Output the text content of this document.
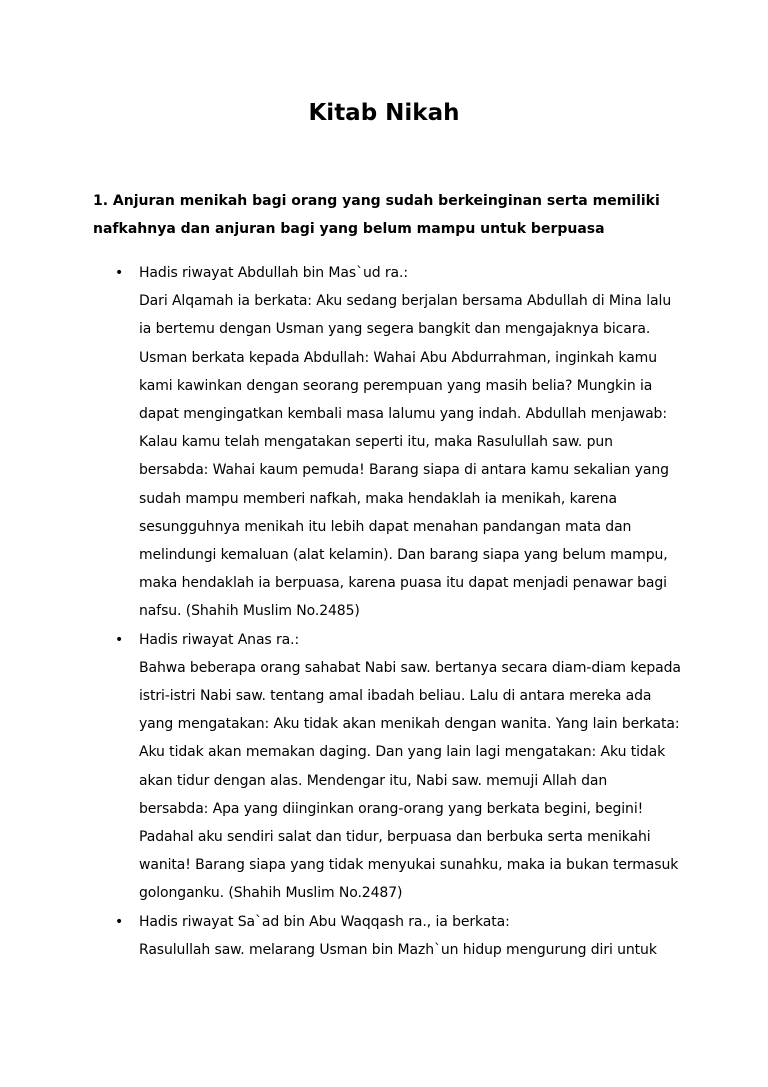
Kitab Nikah

1. Anjuran menikah bagi orang yang sudah berkeinginan serta memiliki
nafkahnya dan anjuran bagi yang belum mampu untuk berpuasa

• Hadis riwayat Abdullah bin Mas`ud ra.:
Dari Alqamah ia berkata: Aku sedang berjalan bersama Abdullah di Mina lalu
ia bertemu dengan Usman yang segera bangkit dan mengajaknya bicara.
Usman berkata kepada Abdullah: Wahai Abu Abdurrahman, inginkah kamu
kami kawinkan dengan seorang perempuan yang masih belia? Mungkin ia
dapat mengingatkan kembali masa lalumu yang indah. Abdullah menjawab:
Kalau kamu telah mengatakan seperti itu, maka Rasulullah saw. pun
bersabda: Wahai kaum pemuda! Barang siapa di antara kamu sekalian yang
sudah mampu memberi nafkah, maka hendaklah ia menikah, karena
sesungguhnya menikah itu lebih dapat menahan pandangan mata dan
melindungi kemaluan (alat kelamin). Dan barang siapa yang belum mampu,
maka hendaklah ia berpuasa, karena puasa itu dapat menjadi penawar bagi
nafsu. (Shahih Muslim No.2485)
• Hadis riwayat Anas ra.:
Bahwa beberapa orang sahabat Nabi saw. bertanya secara diam-diam kepada
istri-istri Nabi saw. tentang amal ibadah beliau. Lalu di antara mereka ada
yang mengatakan: Aku tidak akan menikah dengan wanita. Yang lain berkata:
Aku tidak akan memakan daging. Dan yang lain lagi mengatakan: Aku tidak
akan tidur dengan alas. Mendengar itu, Nabi saw. memuji Allah dan
bersabda: Apa yang diinginkan orang-orang yang berkata begini, begini!
Padahal aku sendiri salat dan tidur, berpuasa dan berbuka serta menikahi
wanita! Barang siapa yang tidak menyukai sunahku, maka ia bukan termasuk
golonganku. (Shahih Muslim No.2487)
• Hadis riwayat Sa`ad bin Abu Waqqash ra., ia berkata:
Rasulullah saw. melarang Usman bin Mazh`un hidup mengurung diri untuk
